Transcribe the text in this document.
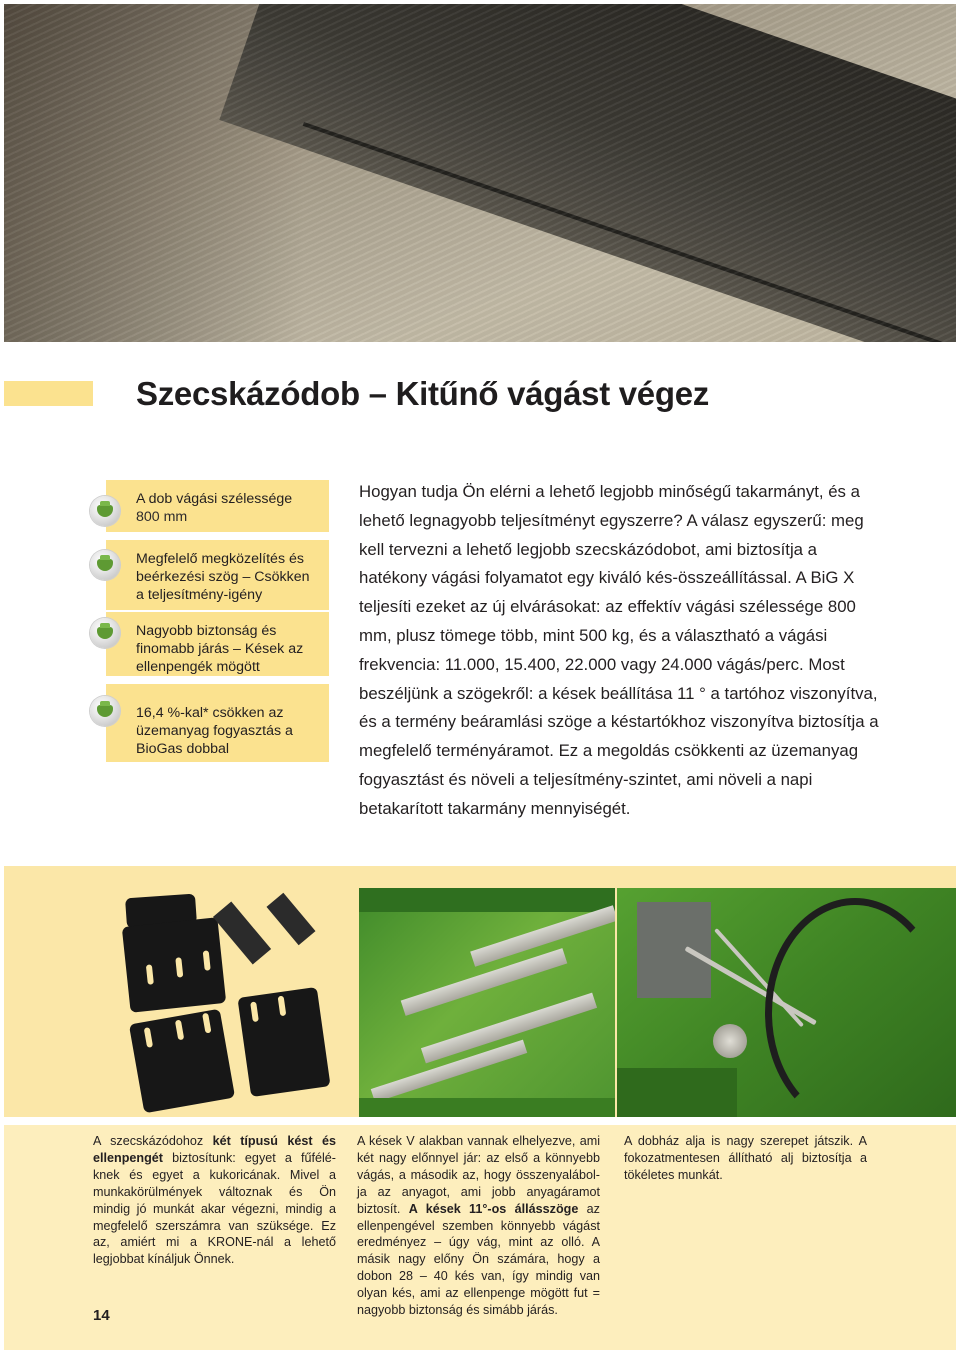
Szecskázódob – Kitűnő vágást végez
A dob vágási szélessége
800 mm
Megfelelő megközelítés és beérkezési szög – Csökken a teljesítmény-igény
Nagyobb biztonság és finomabb járás – Kések az ellenpengék mögött
16,4 %-kal* csökken az üzemanyag fogyasztás a BioGas dobbal

Hogyan tudja Ön elérni a lehető legjobb minőségű takarmányt, és a lehető legnagyobb teljesítményt egyszerre? A válasz egyszerű: meg kell tervezni a lehető legjobb szecskázódobot, ami biztosítja a hatékony vágási folyamatot egy kiváló kés-összeállítással. A BiG X teljesíti ezeket az új elvárásokat: az effektív vágási szélessége 800 mm, plusz tömege több, mint 500 kg, és a választható a vágási frekvencia: 11.000, 15.400, 22.000 vagy 24.000 vágás/perc. Most beszéljünk a szögekről: a kések beállítása 11 ° a tartóhoz viszonyítva, és a termény beáramlási szöge a késtartókhoz viszonyítva biztosítja a megfelelő terményáramot. Ez a megoldás csökkenti az üzemanyag fogyasztást és növeli a teljesítmény-szintet, ami növeli a napi betakarított takarmány mennyiségét.

A szecskázódohoz két típusú kést és ellenpengét biztosítunk: egyet a fűfélé-knek és egyet a kukoricának. Mivel a munkakörülmények változnak és Ön mindig jó munkát akar végezni, mindig a megfelelő szerszámra van szüksége. Ez az, amiért mi a KRONE-nál a lehető legjobbat kínáljuk Önnek.

A kések V alakban vannak elhelyezve, ami két nagy előnnyel jár: az első a könnyebb vágás, a második az, hogy összenyalábol-ja az anyagot, ami jobb anyagáramot biztosít. A kések 11°-os állásszöge az ellenpengével szemben könnyebb vágást eredményez – úgy vág, mint az olló. A másik nagy előny Ön számára, hogy a dobon 28 – 40 kés van, így mindig van olyan kés, ami az ellenpenge mögött fut = nagyobb biztonság és simább járás.

A dobház alja is nagy szerepet játszik. A fokozatmentesen állítható alj biztosítja a tökéletes munkát.

14
